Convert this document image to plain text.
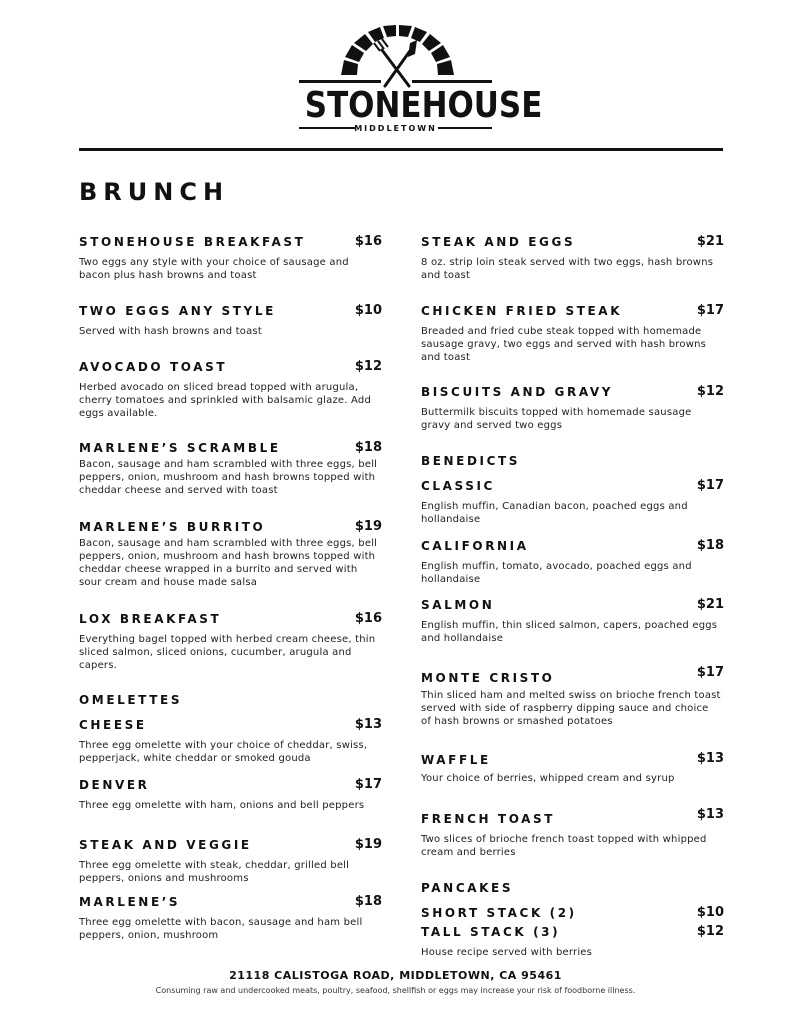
STONEHOUSE
MIDDLETOWN
BRUNCH
STONEHOUSE BREAKFAST	$16
Two eggs any style with your choice of sausage and bacon plus hash browns and toast
TWO EGGS ANY STYLE	$10
Served with hash browns and toast
AVOCADO TOAST	$12
Herbed avocado on sliced bread topped with arugula, cherry tomatoes and sprinkled with balsamic glaze. Add eggs available.
MARLENE’S SCRAMBLE	$18
Bacon, sausage and ham scrambled with three eggs, bell peppers, onion, mushroom and hash browns topped with cheddar cheese and served with toast
MARLENE’S BURRITO	$19
Bacon, sausage and ham scrambled with three eggs, bell peppers, onion, mushroom and hash browns topped with cheddar cheese wrapped in a burrito and served with sour cream and house made salsa
LOX BREAKFAST	$16
Everything bagel topped with herbed cream cheese, thin sliced salmon, sliced onions, cucumber, arugula and capers.
OMELETTES
CHEESE	$13
Three egg omelette with your choice of cheddar, swiss, pepperjack, white cheddar or smoked gouda
DENVER	$17
Three egg omelette with ham, onions and bell peppers
STEAK AND VEGGIE	$19
Three egg omelette with steak, cheddar, grilled bell peppers, onions and mushrooms
MARLENE’S	$18
Three egg omelette with bacon, sausage and ham bell peppers, onion, mushroom
STEAK AND EGGS	$21
8 oz. strip loin steak served with two eggs, hash browns and toast
CHICKEN FRIED STEAK	$17
Breaded and fried cube steak topped with homemade sausage gravy, two eggs and served with hash browns and toast
BISCUITS AND GRAVY	$12
Buttermilk biscuits topped with homemade sausage gravy and served two eggs
BENEDICTS
CLASSIC	$17
English muffin, Canadian bacon, poached eggs and hollandaise
CALIFORNIA	$18
English muffin, tomato, avocado, poached eggs and hollandaise
SALMON	$21
English muffin, thin sliced salmon, capers, poached eggs and hollandaise
MONTE CRISTO	$17
Thin sliced ham and melted swiss on brioche french toast served with side of raspberry dipping sauce and choice of hash browns or smashed potatoes
WAFFLE	$13
Your choice of berries, whipped cream and syrup
FRENCH TOAST	$13
Two slices of brioche french toast topped with whipped cream and berries
PANCAKES
SHORT STACK (2)	$10
TALL STACK (3)	$12
House recipe served with berries
21118 CALISTOGA ROAD, MIDDLETOWN, CA 95461
Consuming raw and undercooked meats, poultry, seafood, shellfish or eggs may increase your risk of foodborne illness.
